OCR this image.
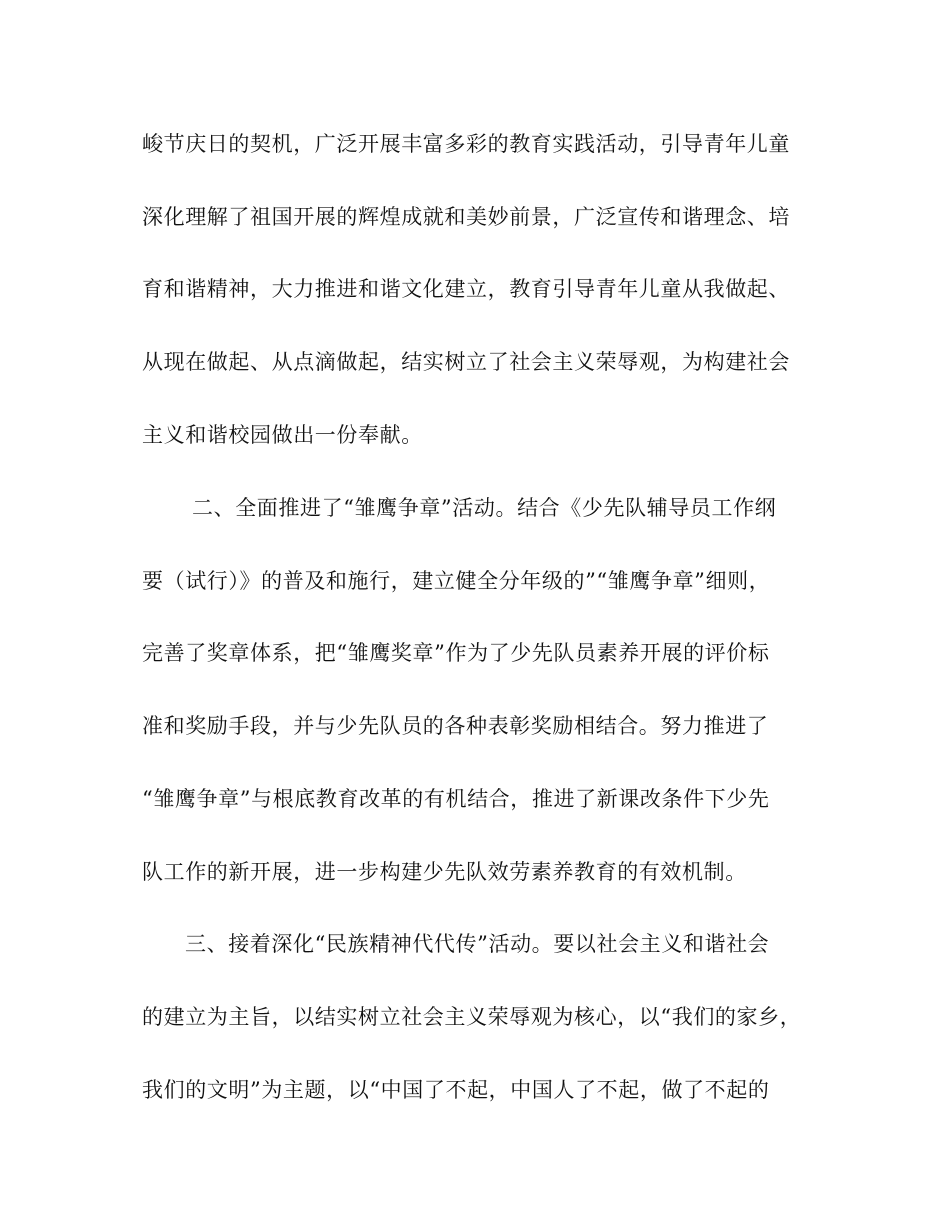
峻节庆日的契机，广泛开展丰富多彩的教育实践活动，引导青年儿童
深化理解了祖国开展的辉煌成就和美妙前景，广泛宣传和谐理念、培
育和谐精神，大力推进和谐文化建立，教育引导青年儿童从我做起、
从现在做起、从点滴做起，结实树立了社会主义荣辱观，为构建社会
主义和谐校园做出一份奉献。
二、全面推进了“雏鹰争章”活动。结合《少先队辅导员工作纲
要（试行）》的普及和施行，建立健全分年级的”“雏鹰争章”细则，
完善了奖章体系，把“雏鹰奖章”作为了少先队员素养开展的评价标
准和奖励手段，并与少先队员的各种表彰奖励相结合。努力推进了
“雏鹰争章”与根底教育改革的有机结合，推进了新课改条件下少先
队工作的新开展，进一步构建少先队效劳素养教育的有效机制。
三、接着深化“民族精神代代传”活动。要以社会主义和谐社会
的建立为主旨，以结实树立社会主义荣辱观为核心，以“我们的家乡，
我们的文明”为主题，以“中国了不起，中国人了不起，做了不起的
